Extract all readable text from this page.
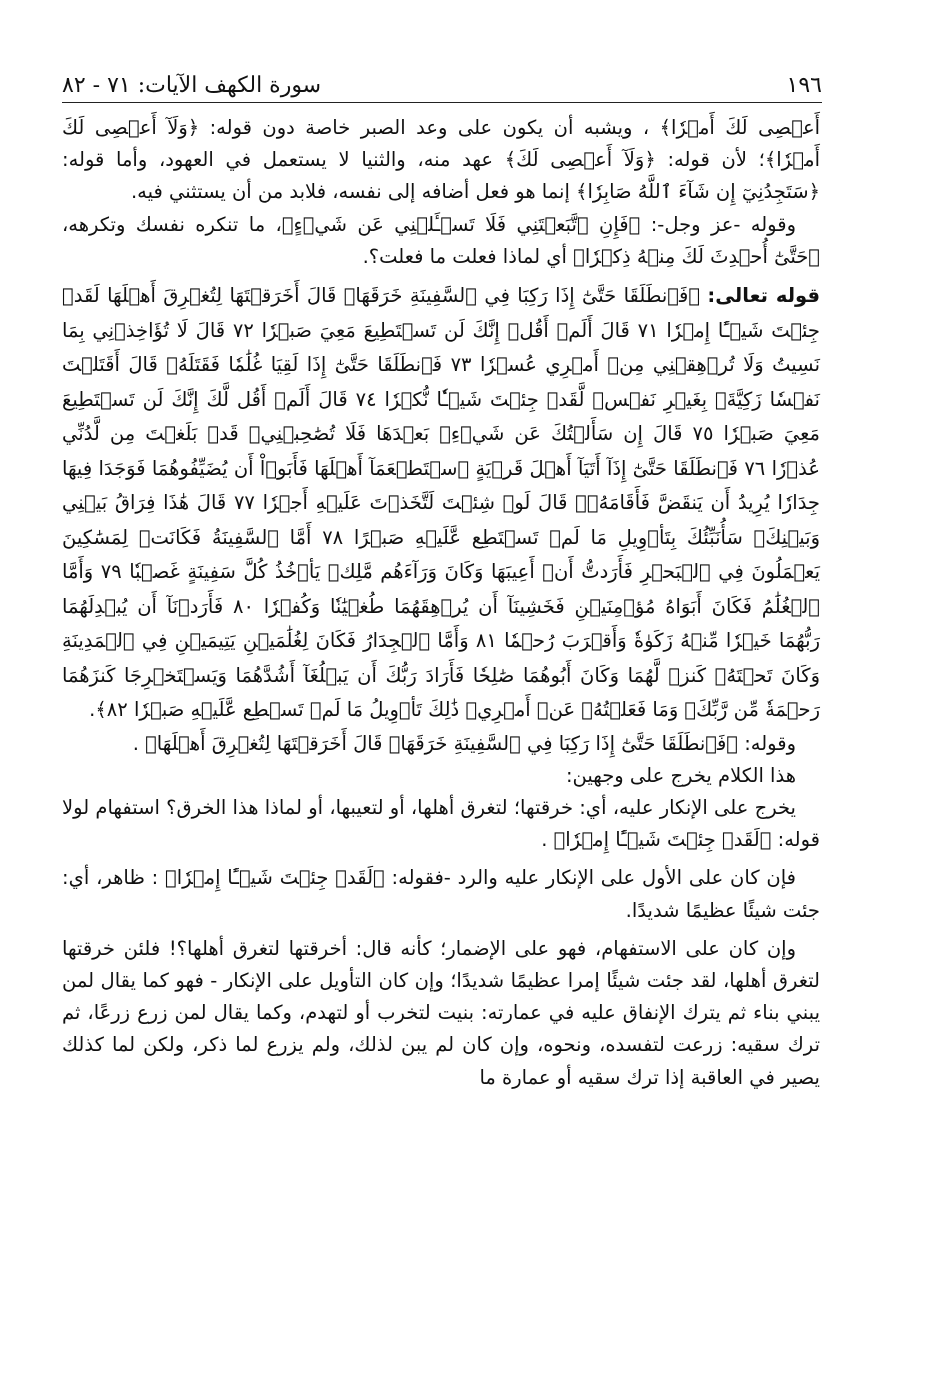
١٩٦
سورة الكهف الآيات: ٧١ - ٨٢

أَعۡصِى لَكَ أَمۡرٗا﴾ ، ويشبه أن يكون على وعد الصبر خاصة دون قوله: ﴿وَلَآ أَعۡصِى لَكَ أَمۡرٗا﴾؛ لأن قوله: ﴿وَلَآ أَعۡصِى لَكَ﴾ عهد منه، والثنيا لا يستعمل في العهود، وأما قوله: ﴿سَتَجِدُنِيٓ إِن شَآءَ ٱللَّهُ صَابِرٗا﴾ إنما هو فعل أضافه إلى نفسه، فلابد من أن يستثني فيه.

وقوله -عز وجل-: ﴿فَإِنِ ٱتَّبَعۡتَنِي فَلَا تَسۡـَٔلۡنِي عَن شَيۡءٍ﴾، ما تنكره نفسك وتكرهه، ﴿حَتَّىٰٓ أُحۡدِثَ لَكَ مِنۡهُ ذِكۡرٗا﴾ أي لماذا فعلت ما فعلت؟.

قوله تعالى: ﴿فَٱنطَلَقَا حَتَّىٰٓ إِذَا رَكِبَا فِي ٱلسَّفِينَةِ خَرَقَهَاۖ قَالَ أَخَرَقۡتَهَا لِتُغۡرِقَ أَهۡلَهَا لَقَدۡ جِئۡتَ شَيۡـًٔا إِمۡرٗا ٧١ قَالَ أَلَمۡ أَقُلۡ إِنَّكَ لَن تَسۡتَطِيعَ مَعِيَ صَبۡرٗا ٧٢ قَالَ لَا تُؤَاخِذۡنِي بِمَا نَسِيتُ وَلَا تُرۡهِقۡنِي مِنۡ أَمۡرِي عُسۡرٗا ٧٣ فَٱنطَلَقَا حَتَّىٰٓ إِذَا لَقِيَا غُلَٰمٗا فَقَتَلَهُۥ قَالَ أَقَتَلۡتَ نَفۡسٗا زَكِيَّةَۢ بِغَيۡرِ نَفۡسٖ لَّقَدۡ جِئۡتَ شَيۡـٔٗا نُّكۡرٗا ٧٤ قَالَ أَلَمۡ أَقُل لَّكَ إِنَّكَ لَن تَسۡتَطِيعَ مَعِيَ صَبۡرٗا ٧٥ قَالَ إِن سَأَلۡتُكَ عَن شَيۡءِۭ بَعۡدَهَا فَلَا تُصَٰحِبۡنِيۖ قَدۡ بَلَغۡتَ مِن لَّدُنِّي عُذۡرٗا ٧٦ فَٱنطَلَقَا حَتَّىٰٓ إِذَآ أَتَيَآ أَهۡلَ قَرۡيَةٍ ٱسۡتَطۡعَمَآ أَهۡلَهَا فَأَبَوۡاْ أَن يُضَيِّفُوهُمَا فَوَجَدَا فِيهَا جِدَارٗا يُرِيدُ أَن يَنقَضَّ فَأَقَامَهُۥۖ قَالَ لَوۡ شِئۡتَ لَتَّخَذۡتَ عَلَيۡهِ أَجۡرٗا ٧٧ قَالَ هَٰذَا فِرَاقُ بَيۡنِي وَبَيۡنِكَۚ سَأُنَبِّئُكَ بِتَأۡوِيلِ مَا لَمۡ تَسۡتَطِع عَّلَيۡهِ صَبۡرًا ٧٨ أَمَّا ٱلسَّفِينَةُ فَكَانَتۡ لِمَسَٰكِينَ يَعۡمَلُونَ فِي ٱلۡبَحۡرِ فَأَرَدتُّ أَنۡ أَعِيبَهَا وَكَانَ وَرَآءَهُم مَّلِكٞ يَأۡخُذُ كُلَّ سَفِينَةٍ غَصۡبٗا ٧٩ وَأَمَّا ٱلۡغُلَٰمُ فَكَانَ أَبَوَاهُ مُؤۡمِنَيۡنِ فَخَشِينَآ أَن يُرۡهِقَهُمَا طُغۡيَٰنٗا وَكُفۡرٗا ٨٠ فَأَرَدۡنَآ أَن يُبۡدِلَهُمَا رَبُّهُمَا خَيۡرٗا مِّنۡهُ زَكَوٰةٗ وَأَقۡرَبَ رُحۡمٗا ٨١ وَأَمَّا ٱلۡجِدَارُ فَكَانَ لِغُلَٰمَيۡنِ يَتِيمَيۡنِ فِي ٱلۡمَدِينَةِ وَكَانَ تَحۡتَهُۥ كَنزٞ لَّهُمَا وَكَانَ أَبُوهُمَا صَٰلِحٗا فَأَرَادَ رَبُّكَ أَن يَبۡلُغَآ أَشُدَّهُمَا وَيَسۡتَخۡرِجَا كَنزَهُمَا رَحۡمَةٗ مِّن رَّبِّكَۚ وَمَا فَعَلۡتُهُۥ عَنۡ أَمۡرِيۚ ذَٰلِكَ تَأۡوِيلُ مَا لَمۡ تَسۡطِع عَّلَيۡهِ صَبۡرٗا ٨٢﴾.

وقوله: ﴿فَٱنطَلَقَا حَتَّىٰٓ إِذَا رَكِبَا فِي ٱلسَّفِينَةِ خَرَقَهَاۖ قَالَ أَخَرَقۡتَهَا لِتُغۡرِقَ أَهۡلَهَا﴾ .

هذا الكلام يخرج على وجهين:

يخرج على الإنكار عليه، أي: خرقتها؛ لتغرق أهلها، أو لتعيبها، أو لماذا هذا الخرق؟ استفهام لولا قوله: ﴿لَقَدۡ جِئۡتَ شَيۡـًٔا إِمۡرٗا﴾ .

فإن كان على الأول على الإنكار عليه والرد -فقوله: ﴿لَقَدۡ جِئۡتَ شَيۡـًٔا إِمۡرٗا﴾ : ظاهر، أي: جئت شيئًا عظيمًا شديدًا.

وإن كان على الاستفهام، فهو على الإضمار؛ كأنه قال: أخرقتها لتغرق أهلها؟! فلئن خرقتها لتغرق أهلها، لقد جئت شيئًا إمرا عظيمًا شديدًا؛ وإن كان التأويل على الإنكار - فهو كما يقال لمن يبني بناء ثم يترك الإنفاق عليه في عمارته: بنيت لتخرب أو لتهدم، وكما يقال لمن زرع زرعًا، ثم ترك سقيه: زرعت لتفسده، ونحوه، وإن كان لم يبن لذلك، ولم يزرع لما ذكر، ولكن لما كذلك يصير في العاقبة إذا ترك سقيه أو عمارة ما
